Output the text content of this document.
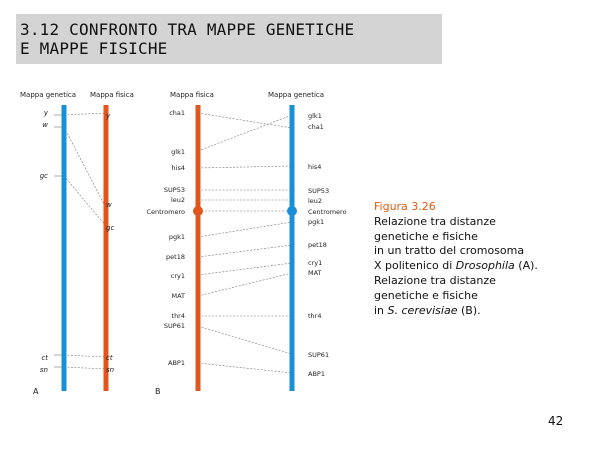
3.12 CONFRONTO TRA MAPPE GENETICHE
E MAPPE FISICHE
Mappa genetica Mappa fisica
y
w
gc
ct
sn
y
w
gc
ct
sn
A
Mappa fisica	Mappa genetica
cha1
glk1
his4
SUP53
leu2
Centromero
pgk1
pet18
cry1
MAT
thr4
SUP61
ABP1
glk1
cha1
his4
SUP53
leu2
Centromero
pgk1
pet18
cry1
MAT
thr4
SUP61
ABP1
B
Figura 3.26
Relazione tra distanze
genetiche e fisiche
in un tratto del cromosoma
X politenico di Drosophila (A).
Relazione tra distanze
genetiche e fisiche
in S. cerevisiae (B).
42
